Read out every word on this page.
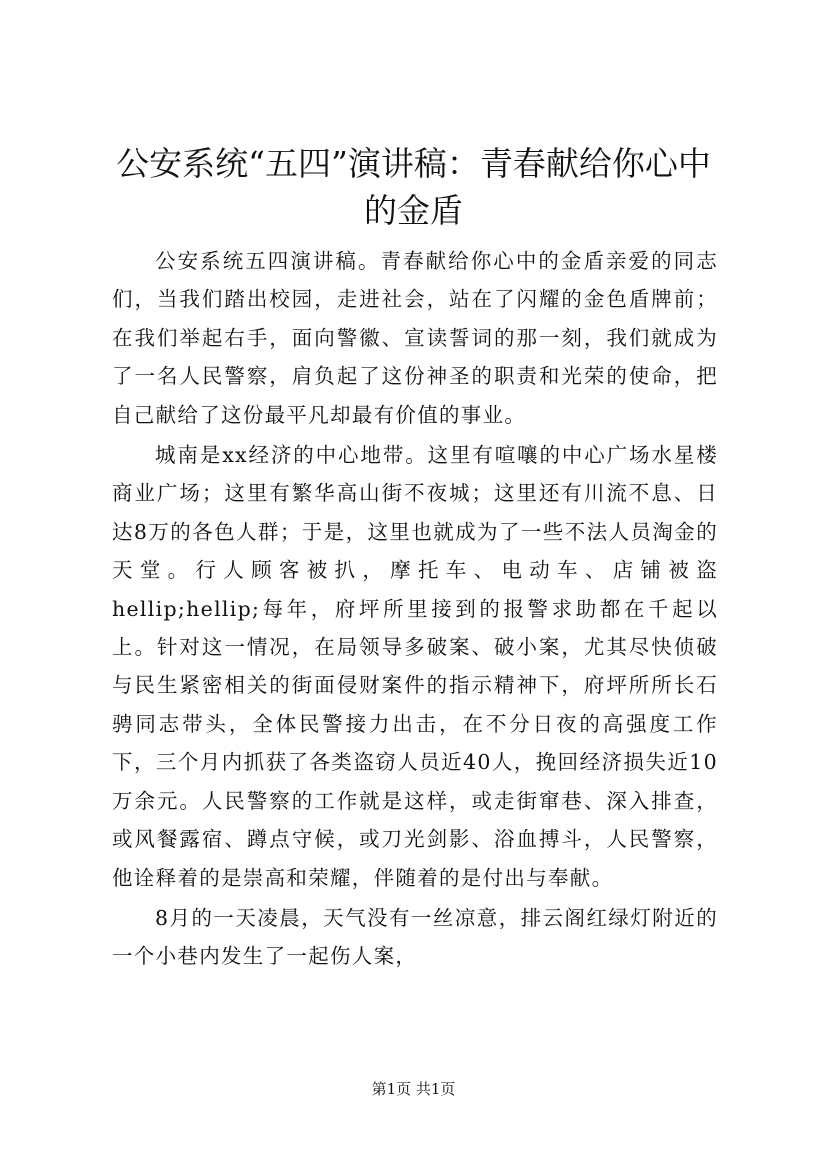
公安系统“五四”演讲稿：青春献给你心中的金盾

公安系统五四演讲稿。青春献给你心中的金盾亲爱的同志们，当我们踏出校园，走进社会，站在了闪耀的金色盾牌前；在我们举起右手，面向警徽、宣读誓词的那一刻，我们就成为了一名人民警察，肩负起了这份神圣的职责和光荣的使命，把自己献给了这份最平凡却最有价值的事业。

城南是xx经济的中心地带。这里有喧嚷的中心广场水星楼商业广场；这里有繁华高山街不夜城；这里还有川流不息、日达8万的各色人群；于是，这里也就成为了一些不法人员淘金的天堂。行人顾客被扒，摩托车、电动车、店铺被盗hellip;hellip;每年，府坪所里接到的报警求助都在千起以上。针对这一情况，在局领导多破案、破小案，尤其尽快侦破与民生紧密相关的街面侵财案件的指示精神下，府坪所所长石骋同志带头，全体民警接力出击，在不分日夜的高强度工作下，三个月内抓获了各类盗窃人员近40人，挽回经济损失近10万余元。人民警察的工作就是这样，或走街窜巷、深入排查，或风餐露宿、蹲点守候，或刀光剑影、浴血搏斗，人民警察，他诠释着的是崇高和荣耀，伴随着的是付出与奉献。

8月的一天凌晨，天气没有一丝凉意，排云阁红绿灯附近的一个小巷内发生了一起伤人案，

第1页 共1页
